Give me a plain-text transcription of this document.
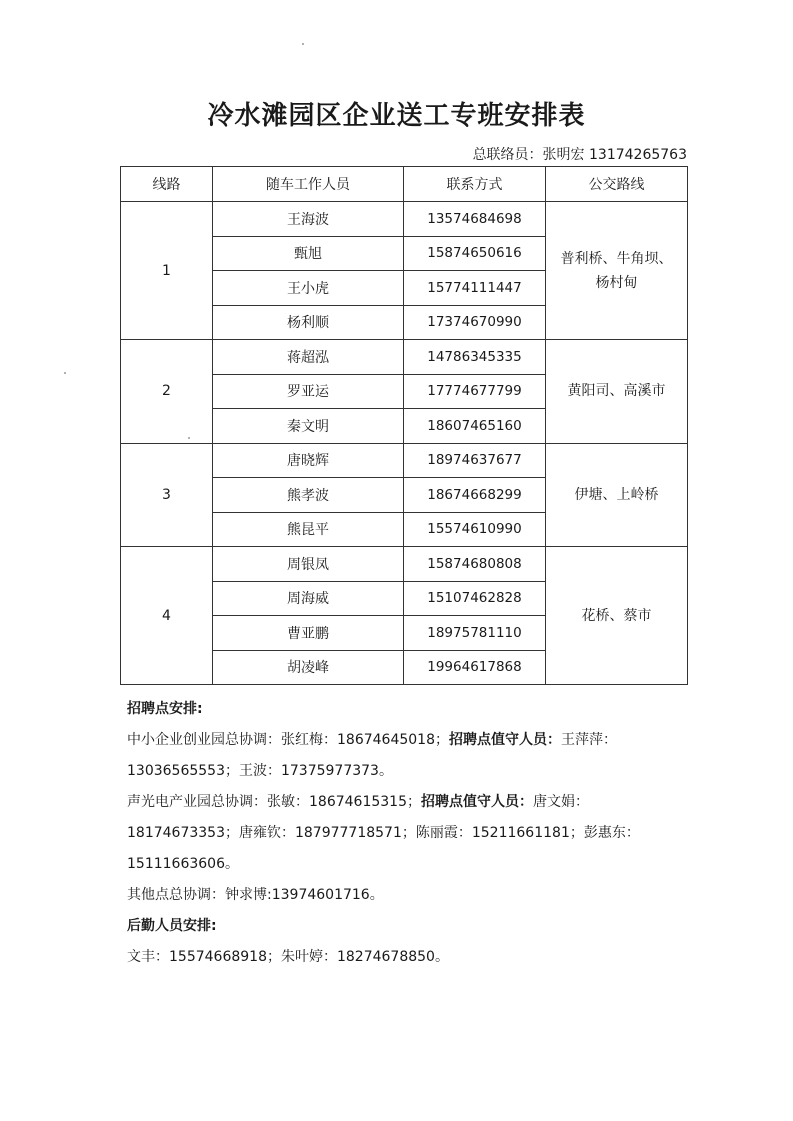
冷水滩园区企业送工专班安排表
总联络员：张明宏 13174265763
线路	随车工作人员	联系方式	公交路线
1	王海波	13574684698	普利桥、牛角坝、
杨村甸

	甄旭	15874650616	
	王小虎	15774111447	
	杨利顺	17374670990	
2	蒋超泓	14786345335	黄阳司、高溪市

	罗亚运	17774677799	
	秦文明	18607465160	
3	唐晓辉	18974637677	伊塘、上岭桥

	熊孝波	18674668299	
	熊昆平	15574610990	
4	周银凤	15874680808	花桥、蔡市

	周海威	15107462828	
	曹亚鹏	18975781110	
	胡凌峰	19964617868	

招聘点安排:

中小企业创业园总协调：张红梅：18674645018；招聘点值守人员：王萍萍：

13036565553；王波：17375977373。

声光电产业园总协调：张敏：18674615315；招聘点值守人员：唐文娟：

18174673353；唐雍钦：187977718571；陈丽霞：15211661181；彭惠东：

15111663606。

其他点总协调：钟求博:13974601716。

后勤人员安排:

文丰：15574668918；朱叶婷：18274678850。
